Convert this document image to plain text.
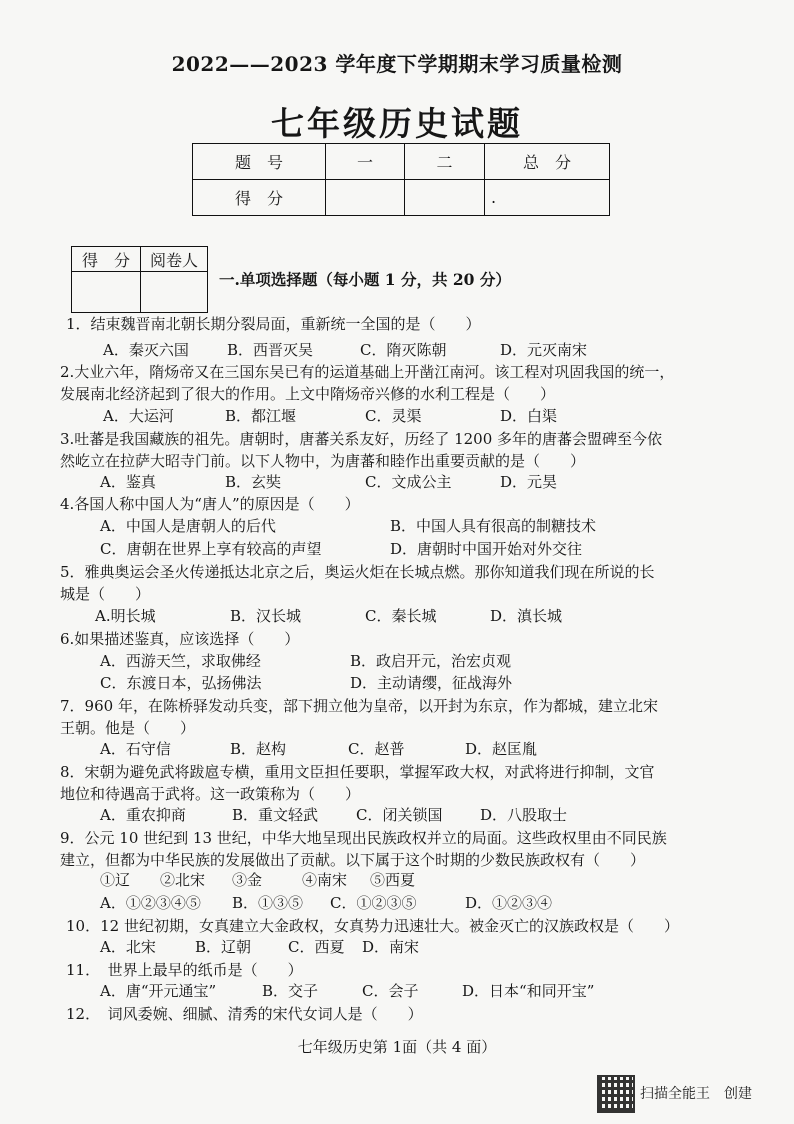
2022——2023 学年度下学期期末学习质量检测
七年级历史试题
题　号	一	二	总　分
得　分			.
得　分	阅卷人

一.单项选择题（每小题 1 分，共 20 分）
1．结束魏晋南北朝长期分裂局面，重新统一全国的是（　　）
A．秦灭六国	B．西晋灭吴	C．隋灭陈朝	D．元灭南宋
2.大业六年，隋炀帝又在三国东吴已有的运道基础上开凿江南河。该工程对巩固我国的统一，
发展南北经济起到了很大的作用。上文中隋炀帝兴修的水利工程是（　　）
A．大运河	B．都江堰	C．灵渠	D．白渠
3.吐蕃是我国藏族的祖先。唐朝时，唐蕃关系友好，历经了 1200 多年的唐蕃会盟碑至今依
然屹立在拉萨大昭寺门前。以下人物中，为唐蕃和睦作出重要贡献的是（　　）
A．鉴真	B．玄奘	C．文成公主	D．元昊
4.各国人称中国人为“唐人”的原因是（　　）
A．中国人是唐朝人的后代	B．中国人具有很高的制糖技术
C．唐朝在世界上享有较高的声望	D．唐朝时中国开始对外交往
5．雅典奥运会圣火传递抵达北京之后，奥运火炬在长城点燃。那你知道我们现在所说的长
城是（　　）
A.明长城	B．汉长城	C．秦长城	D．滇长城
6.如果描述鉴真，应该选择（　　）
A．西游天竺，求取佛经	B．政启开元，治宏贞观
C．东渡日本，弘扬佛法	D．主动请缨，征战海外
7．960 年，在陈桥驿发动兵变，部下拥立他为皇帝，以开封为东京，作为都城，建立北宋
王朝。他是（　　）
A．石守信	B．赵构	C．赵普	D．赵匡胤
8．宋朝为避免武将跋扈专横，重用文臣担任要职，掌握军政大权，对武将进行抑制，文官
地位和待遇高于武将。这一政策称为（　　）
A．重农抑商	B．重文轻武	C．闭关锁国	D．八股取士
9．公元 10 世纪到 13 世纪，中华大地呈现出民族政权并立的局面。这些政权里由不同民族
建立，但都为中华民族的发展做出了贡献。以下属于这个时期的少数民族政权有（　　）
①辽 ②北宋 ③金	④南宋 ⑤西夏
A．①②③④⑤ B．①③⑤ C．①②③⑤	D．①②③④
10．12 世纪初期，女真建立大金政权，女真势力迅速壮大。被金灭亡的汉族政权是（　　）
A．北宋	B．辽朝 C．西夏 D．南宋
11．　世界上最早的纸币是（　　）
A．唐“开元通宝”	B．交子	C．会子	D．日本“和同开宝”
12．　词风委婉、细腻、清秀的宋代女词人是（　　）
七年级历史第 1面（共 4 面）
扫描全能王　创建
